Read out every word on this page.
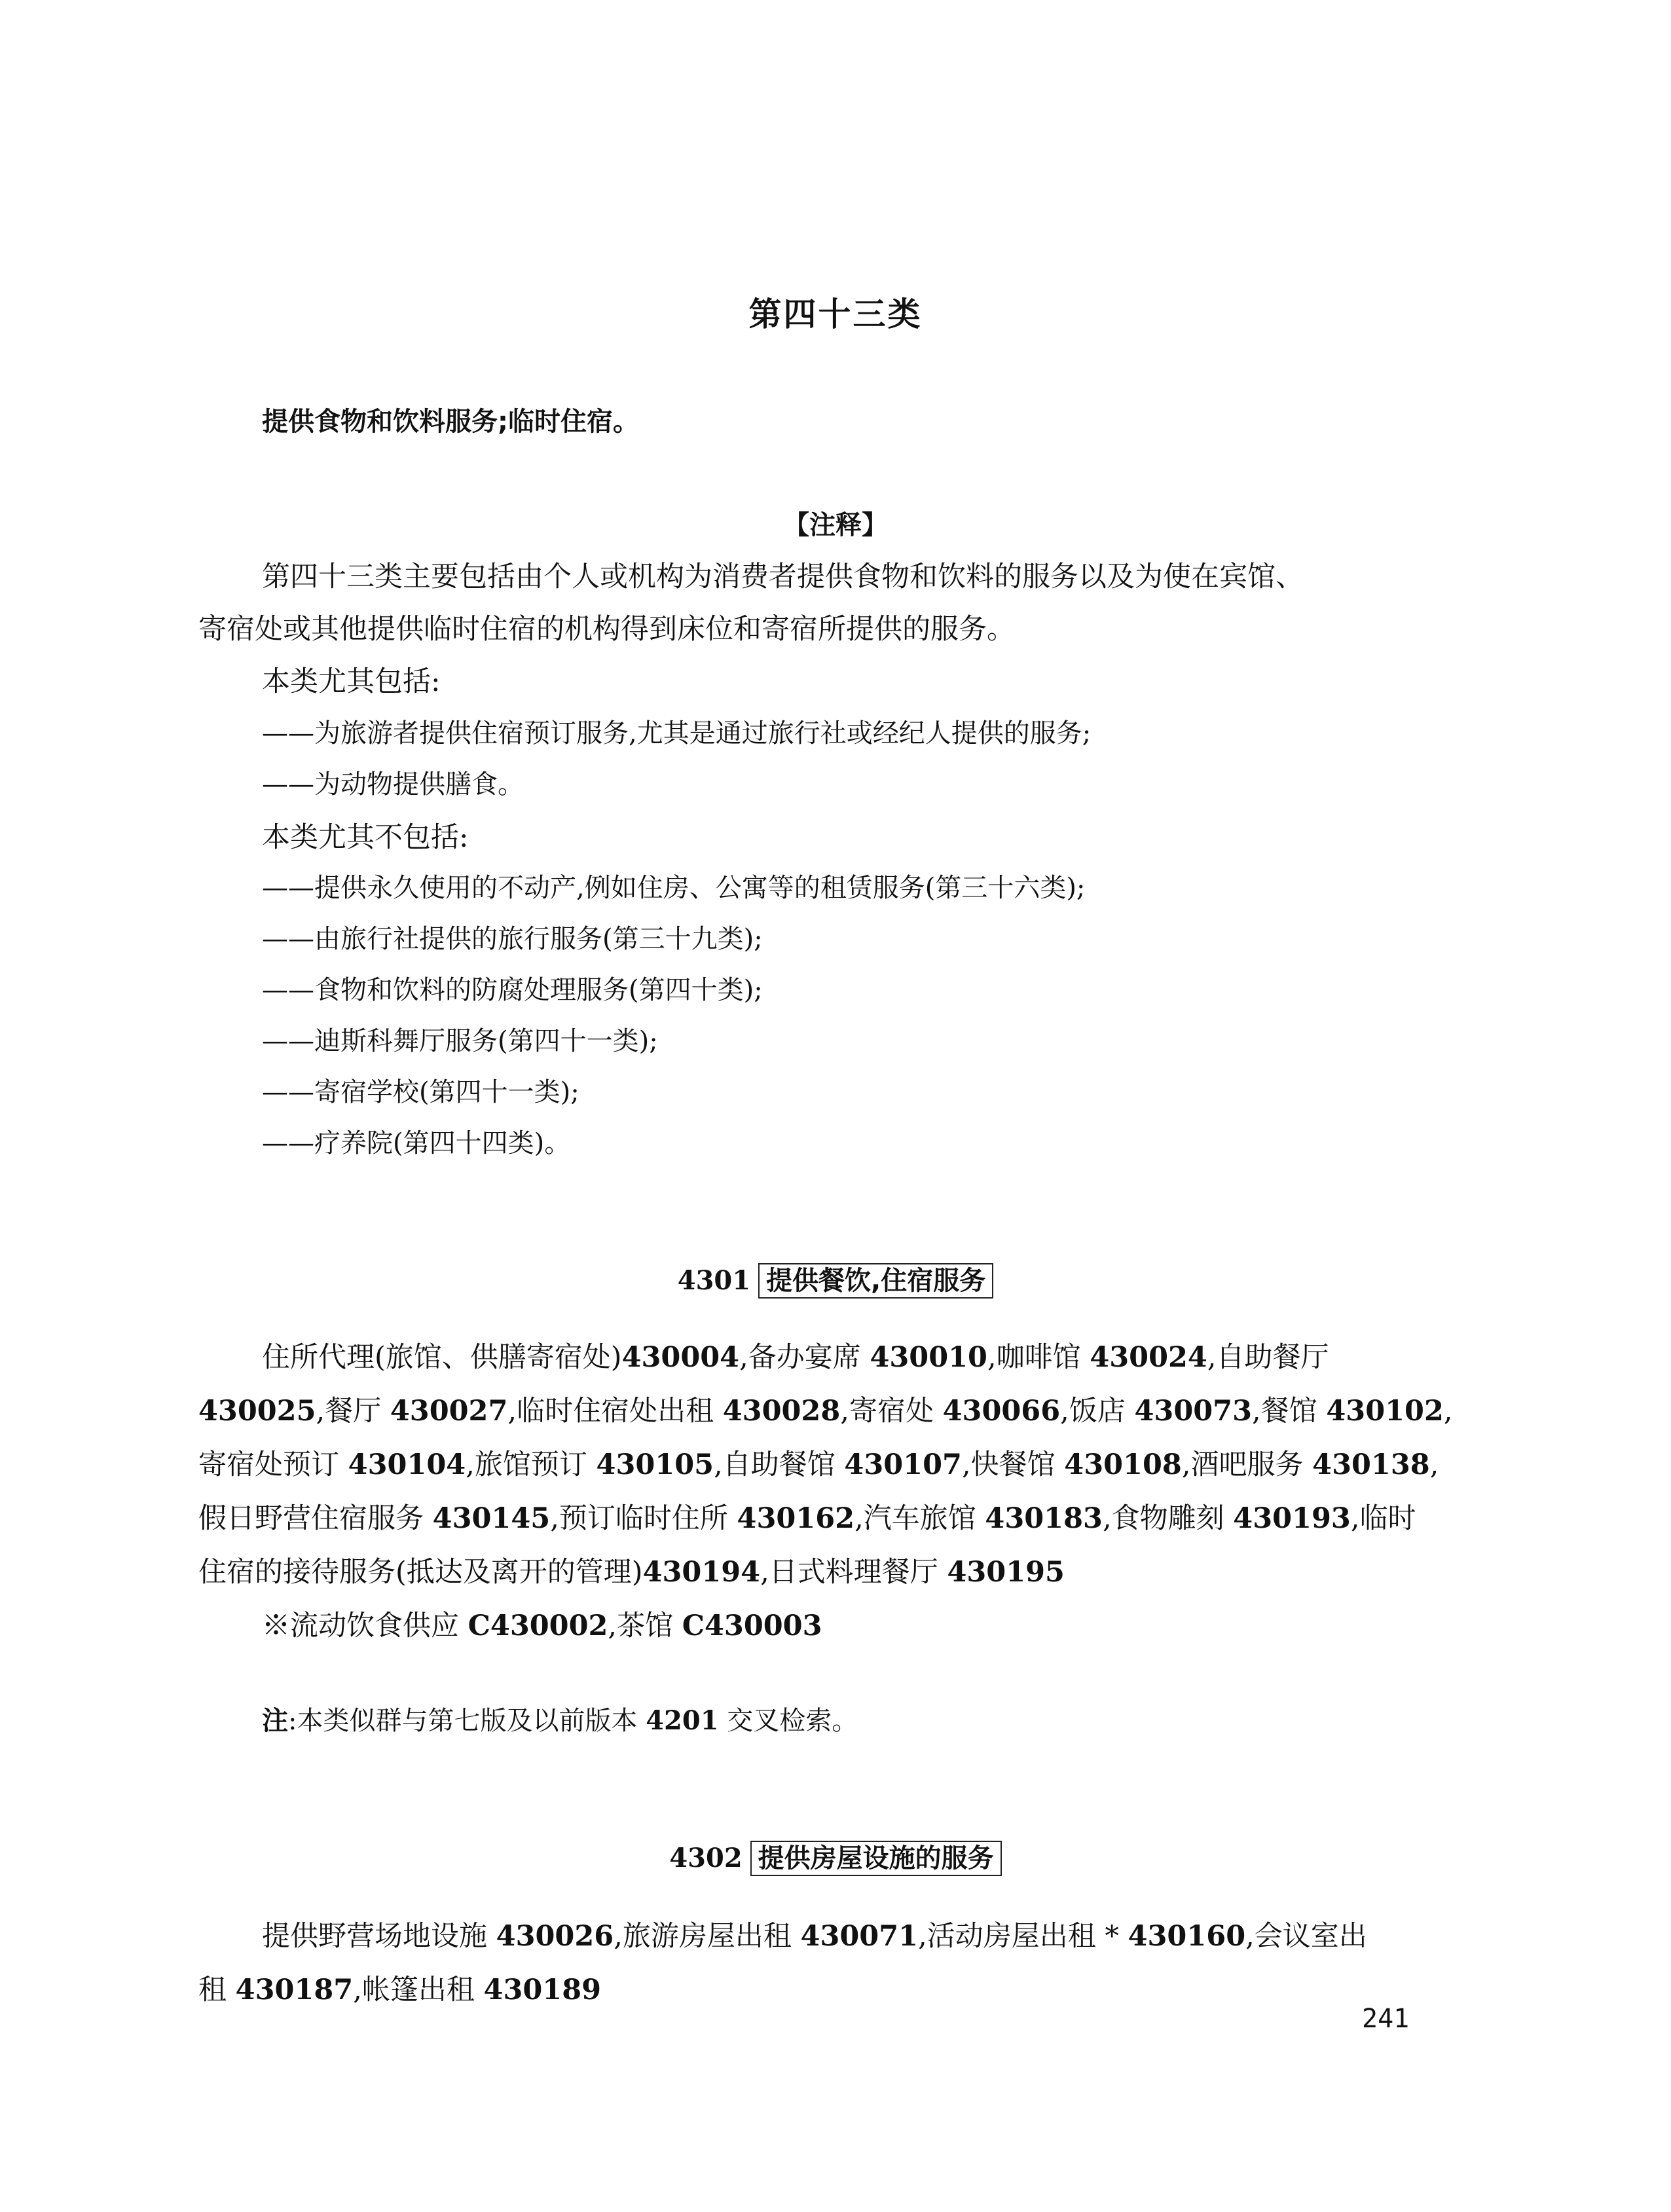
第四十三类
提供食物和饮料服务;临时住宿。
【注释】
第四十三类主要包括由个人或机构为消费者提供食物和饮料的服务以及为使在宾馆、
寄宿处或其他提供临时住宿的机构得到床位和寄宿所提供的服务。
本类尤其包括:
——为旅游者提供住宿预订服务,尤其是通过旅行社或经纪人提供的服务;
——为动物提供膳食。
本类尤其不包括:
——提供永久使用的不动产,例如住房、公寓等的租赁服务(第三十六类);
——由旅行社提供的旅行服务(第三十九类);
——食物和饮料的防腐处理服务(第四十类);
——迪斯科舞厅服务(第四十一类);
——寄宿学校(第四十一类);
——疗养院(第四十四类)。
4301 提供餐饮,住宿服务
住所代理(旅馆、供膳寄宿处)430004,备办宴席 430010,咖啡馆 430024,自助餐厅
430025,餐厅 430027,临时住宿处出租 430028,寄宿处 430066,饭店 430073,餐馆 430102,
寄宿处预订 430104,旅馆预订 430105,自助餐馆 430107,快餐馆 430108,酒吧服务 430138,
假日野营住宿服务 430145,预订临时住所 430162,汽车旅馆 430183,食物雕刻 430193,临时
住宿的接待服务(抵达及离开的管理)430194,日式料理餐厅 430195
※流动饮食供应 C430002,茶馆 C430003
注:本类似群与第七版及以前版本 4201 交叉检索。
4302 提供房屋设施的服务
提供野营场地设施 430026,旅游房屋出租 430071,活动房屋出租 * 430160,会议室出
租 430187,帐篷出租 430189
241
